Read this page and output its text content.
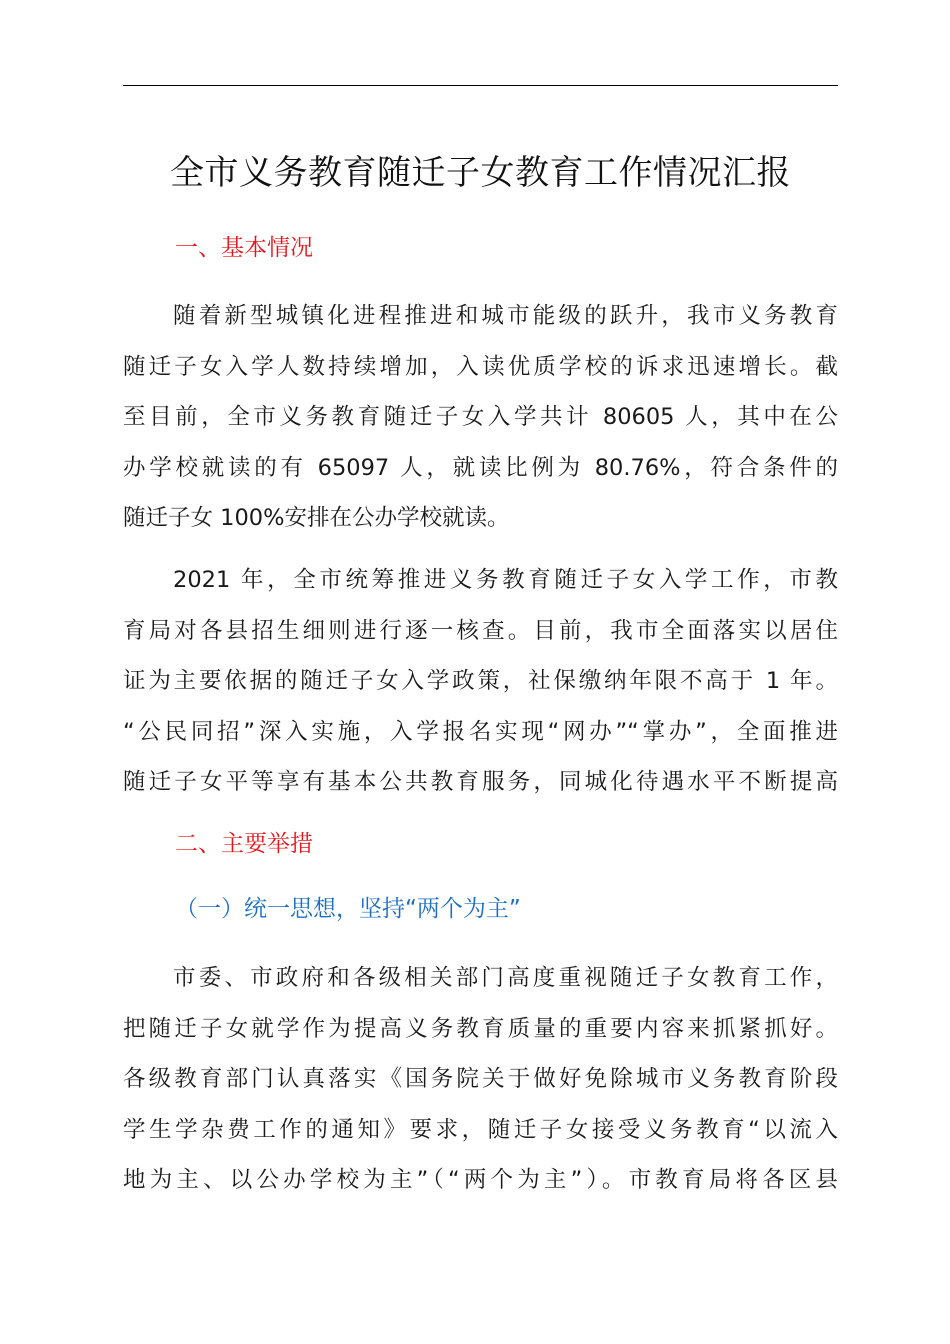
全市义务教育随迁子女教育工作情况汇报
一、基本情况
随着新型城镇化进程推进和城市能级的跃升，我市义务教育
随迁子女入学人数持续增加，入读优质学校的诉求迅速增长。截
至目前，全市义务教育随迁子女入学共计 80605 人，其中在公
办学校就读的有 65097 人，就读比例为 80.76%，符合条件的
随迁子女 100%安排在公办学校就读。
2021 年，全市统筹推进义务教育随迁子女入学工作，市教
育局对各县招生细则进行逐一核查。目前，我市全面落实以居住
证为主要依据的随迁子女入学政策，社保缴纳年限不高于 1 年。
“公民同招”深入实施，入学报名实现“网办”“掌办”，全面推进
随迁子女平等享有基本公共教育服务，同城化待遇水平不断提高
二、主要举措
（一）统一思想，坚持“两个为主”
市委、市政府和各级相关部门高度重视随迁子女教育工作，
把随迁子女就学作为提高义务教育质量的重要内容来抓紧抓好。
各级教育部门认真落实《国务院关于做好免除城市义务教育阶段
学生学杂费工作的通知》要求，随迁子女接受义务教育“以流入
地为主、以公办学校为主”（“两个为主”）。市教育局将各区县
